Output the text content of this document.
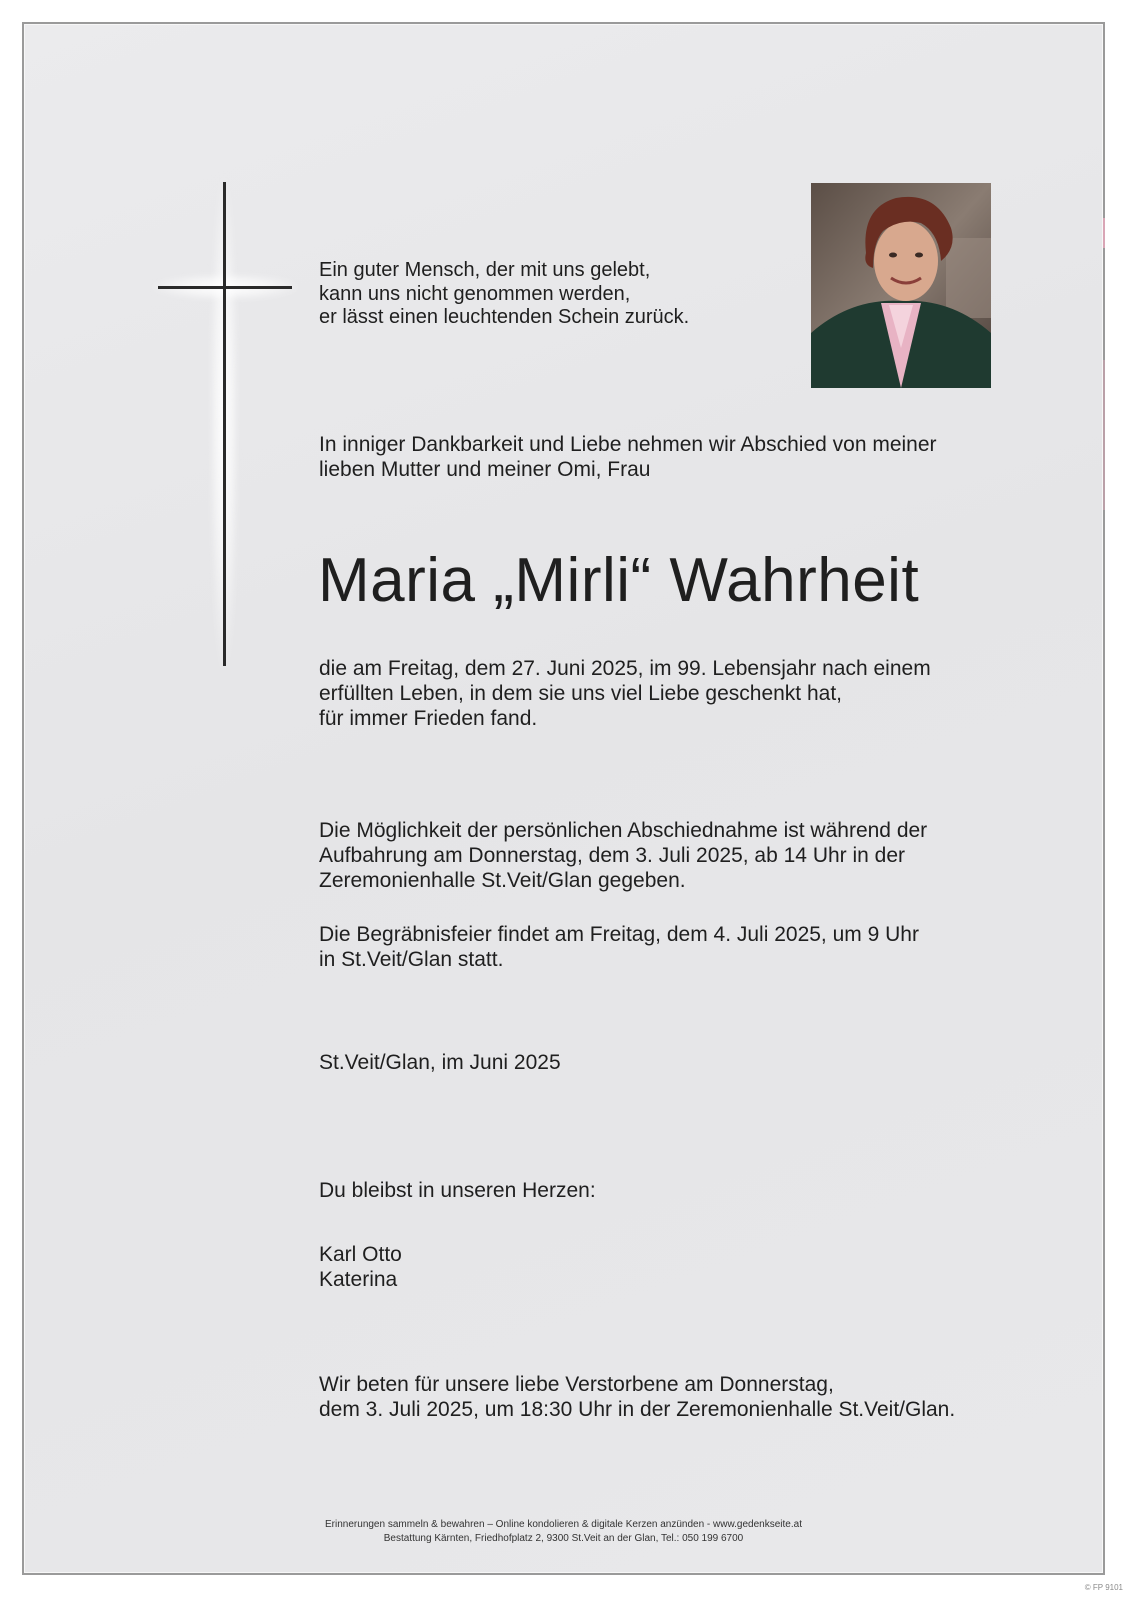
Ein guter Mensch, der mit uns gelebt,
kann uns nicht genommen werden,
er lässt einen leuchtenden Schein zurück.
In inniger Dankbarkeit und Liebe nehmen wir Abschied von meiner
lieben Mutter und meiner Omi, Frau
Maria „Mirli“ Wahrheit
die am Freitag, dem 27. Juni 2025, im 99. Lebensjahr nach einem
erfüllten Leben, in dem sie uns viel Liebe geschenkt hat,
für immer Frieden fand.
Die Möglichkeit der persönlichen Abschiednahme ist während der
Aufbahrung am Donnerstag, dem 3. Juli 2025, ab 14 Uhr in der
Zeremonienhalle St.Veit/Glan gegeben.
Die Begräbnisfeier findet am Freitag, dem 4. Juli 2025, um 9 Uhr
in St.Veit/Glan statt.
St.Veit/Glan, im Juni 2025
Du bleibst in unseren Herzen:
Karl Otto
Katerina
Wir beten für unsere liebe Verstorbene am Donnerstag,
dem 3. Juli 2025, um 18:30 Uhr in der Zeremonienhalle St.Veit/Glan.
Erinnerungen sammeln & bewahren – Online kondolieren & digitale Kerzen anzünden - www.gedenkseite.at
Bestattung Kärnten, Friedhofplatz 2, 9300 St.Veit an der Glan, Tel.: 050 199 6700
© FP 9101
